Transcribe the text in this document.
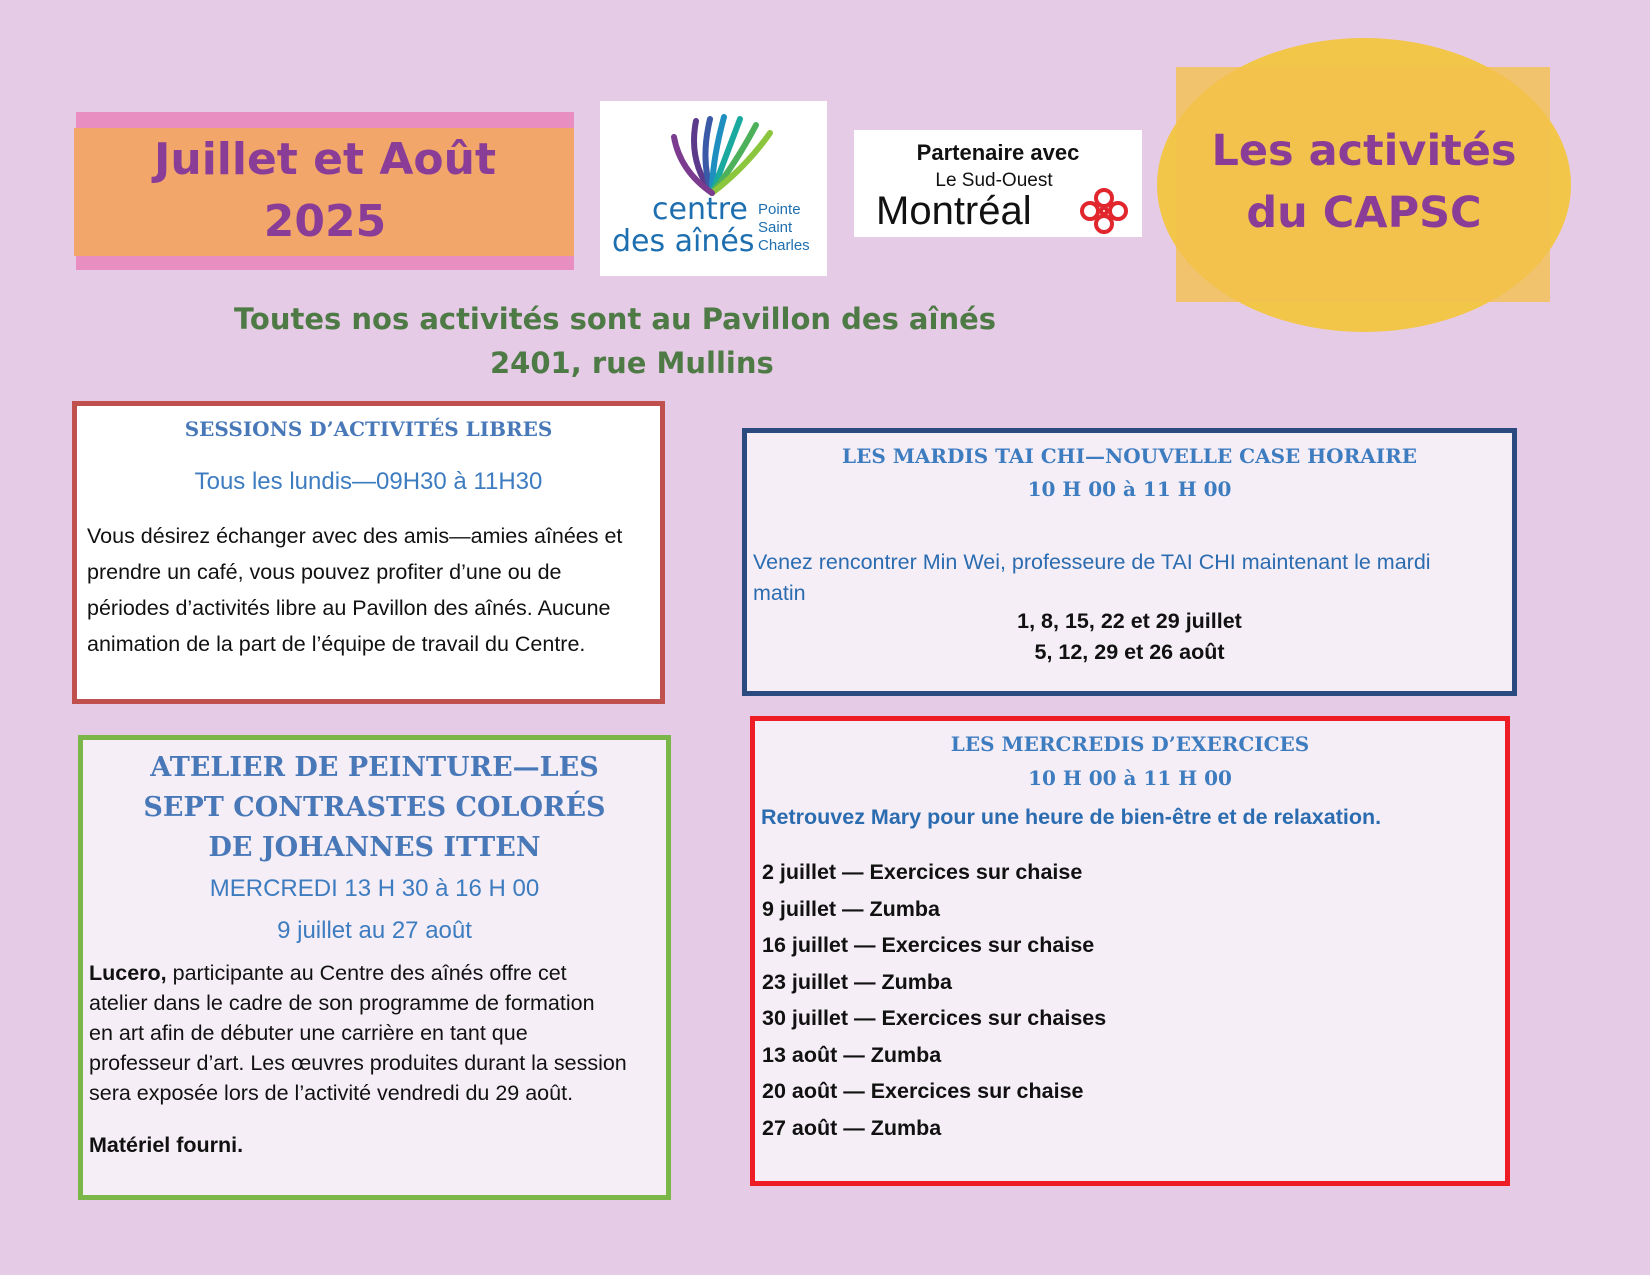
Juillet et Août
2025	centre
des aînés
Pointe
Saint
Charles
Partenaire avec
Le Sud-Ouest
Montréal
Les activités
du CAPSC
Toutes nos activités sont au Pavillon des aînés
2401, rue Mullins
SESSIONS D’ACTIVITÉS LIBRES
Tous les lundis—09H30 à 11H30
Vous désirez échanger avec des amis—amies aînées et
prendre un café, vous pouvez profiter d’une ou de
périodes d’activités libre au Pavillon des aînés. Aucune
animation de la part de l’équipe de travail du Centre.
LES MARDIS TAI CHI—NOUVELLE CASE HORAIRE
10 H 00 à 11 H 00
Venez rencontrer Min Wei, professeure de TAI CHI maintenant le mardi
matin
1, 8, 15, 22 et 29 juillet
5, 12, 29 et 26 août
ATELIER DE PEINTURE—LES
SEPT CONTRASTES COLORÉS
DE JOHANNES ITTEN
MERCREDI 13 H 30 à 16 H 00
9 juillet au 27 août
Lucero, participante au Centre des aînés offre cet
atelier dans le cadre de son programme de formation
en art afin de débuter une carrière en tant que
professeur d’art. Les œuvres produites durant la session
sera exposée lors de l’activité vendredi du 29 août.
Matériel fourni.
LES MERCREDIS D’EXERCICES
10 H 00 à 11 H 00
Retrouvez Mary pour une heure de bien-être et de relaxation.
2 juillet — Exercices sur chaise
9 juillet — Zumba
16 juillet — Exercices sur chaise
23 juillet — Zumba
30 juillet — Exercices sur chaises
13 août — Zumba
20 août — Exercices sur chaise
27 août — Zumba
